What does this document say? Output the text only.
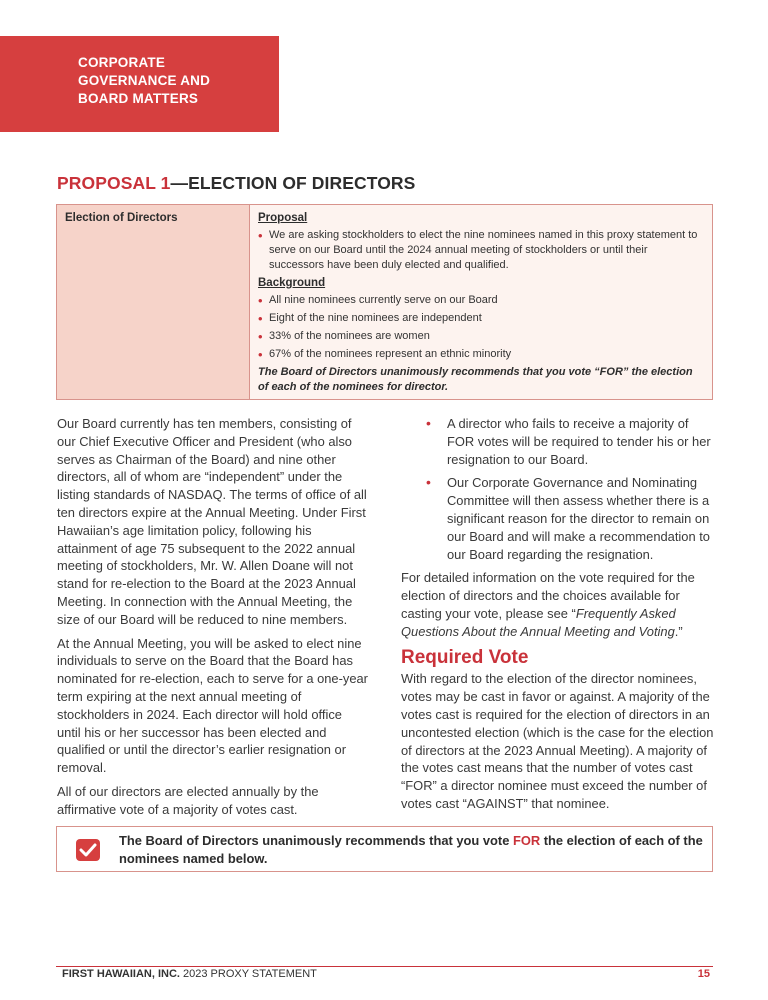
CORPORATE
GOVERNANCE AND
BOARD MATTERS
PROPOSAL 1—ELECTION OF DIRECTORS
Election of Directors	Proposal
• We are asking stockholders to elect the nine nominees named in this proxy statement to serve on our Board until the 2024 annual meeting of stockholders or until their successors have been duly elected and qualified.
Background
• All nine nominees currently serve on our Board
• Eight of the nine nominees are independent
• 33% of the nominees are women
• 67% of the nominees represent an ethnic minority
The Board of Directors unanimously recommends that you vote “FOR” the election of each of the nominees for director.

Our Board currently has ten members, consisting of our Chief Executive Officer and President (who also serves as Chairman of the Board) and nine other directors, all of whom are “independent” under the listing standards of NASDAQ. The terms of office of all ten directors expire at the Annual Meeting. Under First Hawaiian’s age limitation policy, following his attainment of age 75 subsequent to the 2022 annual meeting of stockholders, Mr. W. Allen Doane will not stand for re-election to the Board at the 2023 Annual Meeting. In connection with the Annual Meeting, the size of our Board will be reduced to nine members.

At the Annual Meeting, you will be asked to elect nine individuals to serve on the Board that the Board has nominated for re-election, each to serve for a one-year term expiring at the next annual meeting of stockholders in 2024. Each director will hold office until his or her successor has been elected and qualified or until the director’s earlier resignation or removal.

All of our directors are elected annually by the affirmative vote of a majority of votes cast.

• A director who fails to receive a majority of FOR votes will be required to tender his or her resignation to our Board.
• Our Corporate Governance and Nominating Committee will then assess whether there is a significant reason for the director to remain on our Board and will make a recommendation to our Board regarding the resignation.

For detailed information on the vote required for the election of directors and the choices available for casting your vote, please see “Frequently Asked Questions About the Annual Meeting and Voting.”

Required Vote

With regard to the election of the director nominees, votes may be cast in favor or against. A majority of the votes cast is required for the election of directors in an uncontested election (which is the case for the election of directors at the 2023 Annual Meeting). A majority of the votes cast means that the number of votes cast “FOR” a director nominee must exceed the number of votes cast “AGAINST” that nominee.

The Board of Directors unanimously recommends that you vote FOR the election of each of the nominees named below.
FIRST HAWAIIAN, INC. 2023 PROXY STATEMENT	15
